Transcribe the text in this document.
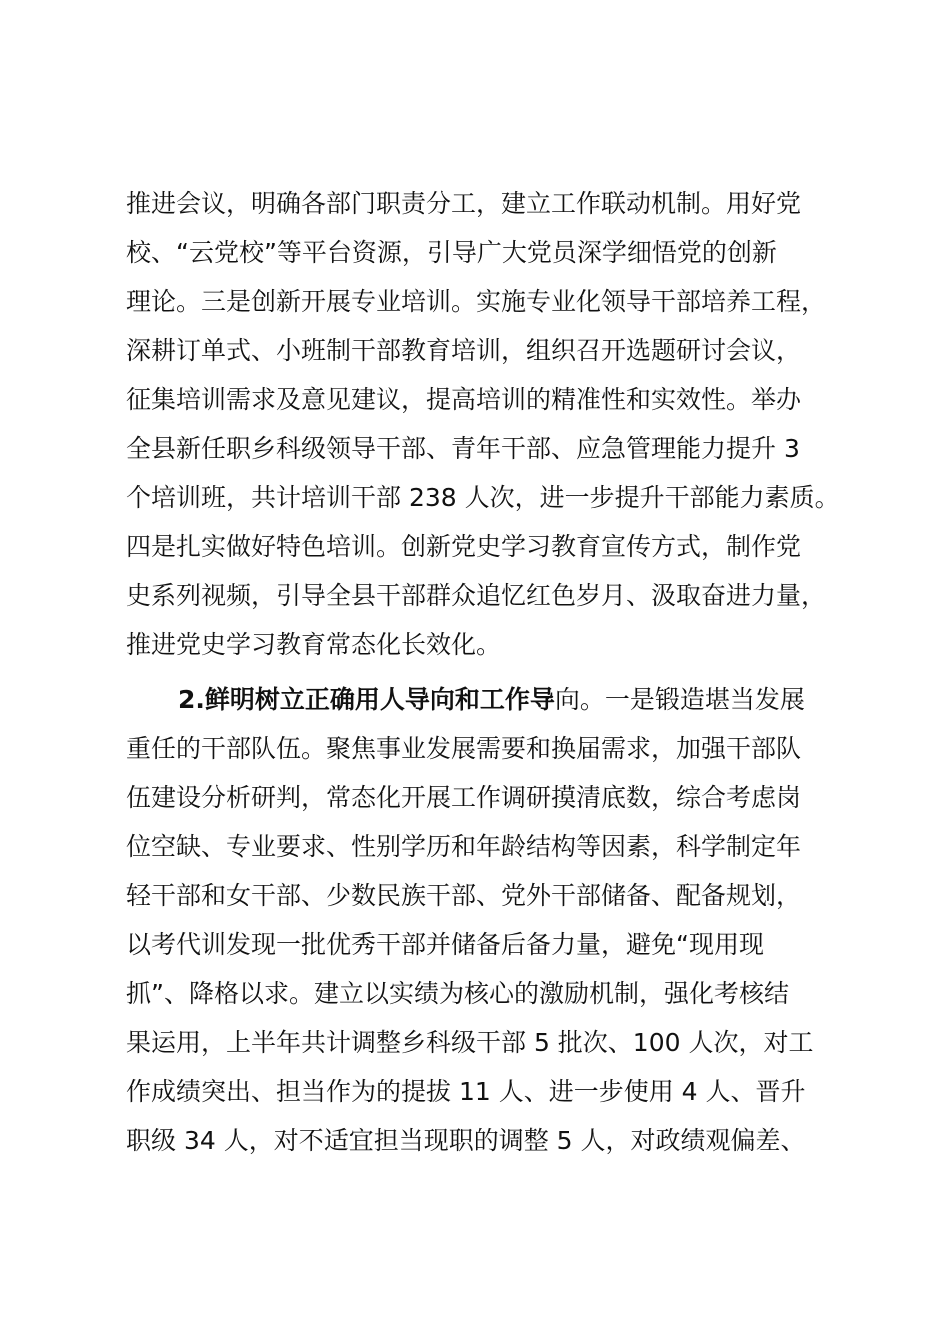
推进会议，明确各部门职责分工，建立工作联动机制。用好党
校、“云党校”等平台资源，引导广大党员深学细悟党的创新
理论。三是创新开展专业培训。实施专业化领导干部培养工程，
深耕订单式、小班制干部教育培训，组织召开选题研讨会议，
征集培训需求及意见建议，提高培训的精准性和实效性。举办
全县新任职乡科级领导干部、青年干部、应急管理能力提升 3
个培训班，共计培训干部 238 人次，进一步提升干部能力素质。
四是扎实做好特色培训。创新党史学习教育宣传方式，制作党
史系列视频，引导全县干部群众追忆红色岁月、汲取奋进力量，
推进党史学习教育常态化长效化。
2.鲜明树立正确用人导向和工作导向。一是锻造堪当发展
重任的干部队伍。聚焦事业发展需要和换届需求，加强干部队
伍建设分析研判，常态化开展工作调研摸清底数，综合考虑岗
位空缺、专业要求、性别学历和年龄结构等因素，科学制定年
轻干部和女干部、少数民族干部、党外干部储备、配备规划，
以考代训发现一批优秀干部并储备后备力量，避免“现用现
抓”、降格以求。建立以实绩为核心的激励机制，强化考核结
果运用，上半年共计调整乡科级干部 5 批次、100 人次，对工
作成绩突出、担当作为的提拔 11 人、进一步使用 4 人、晋升
职级 34 人，对不适宜担当现职的调整 5 人，对政绩观偏差、
